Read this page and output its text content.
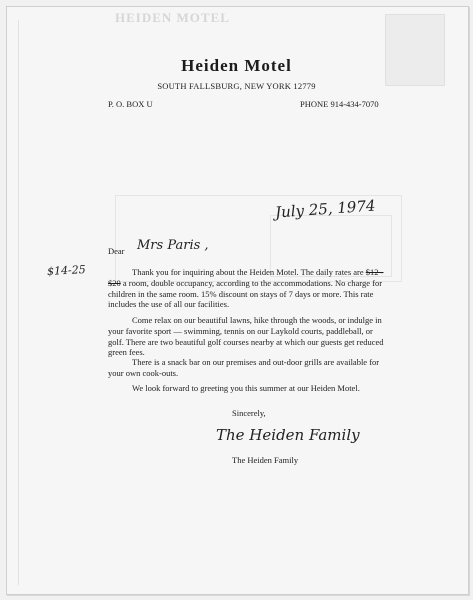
HEIDEN MOTEL
Heiden Motel
SOUTH FALLSBURG, NEW YORK 12779
P. O. BOX U	PHONE 914-434-7070
July 25, 1974
Dear Mrs Paris ,
$14-25	Thank you for inquiring about the Heiden Motel. The daily rates are $12 - $20 a room, double occupancy, according to the accommodations. No charge for children in the same room. 15% discount on stays of 7 days or more. This rate includes the use of all our facilities.
Come relax on our beautiful lawns, hike through the woods, or indulge in your favorite sport — swimming, tennis on our Laykold courts, paddleball, or golf. There are two beautiful golf courses nearby at which our guests get reduced green fees.
There is a snack bar on our premises and out-door grills are available for your own cook-outs.
We look forward to greeting you this summer at our Heiden Motel.
Sincerely,
The Heiden Family
The Heiden Family
